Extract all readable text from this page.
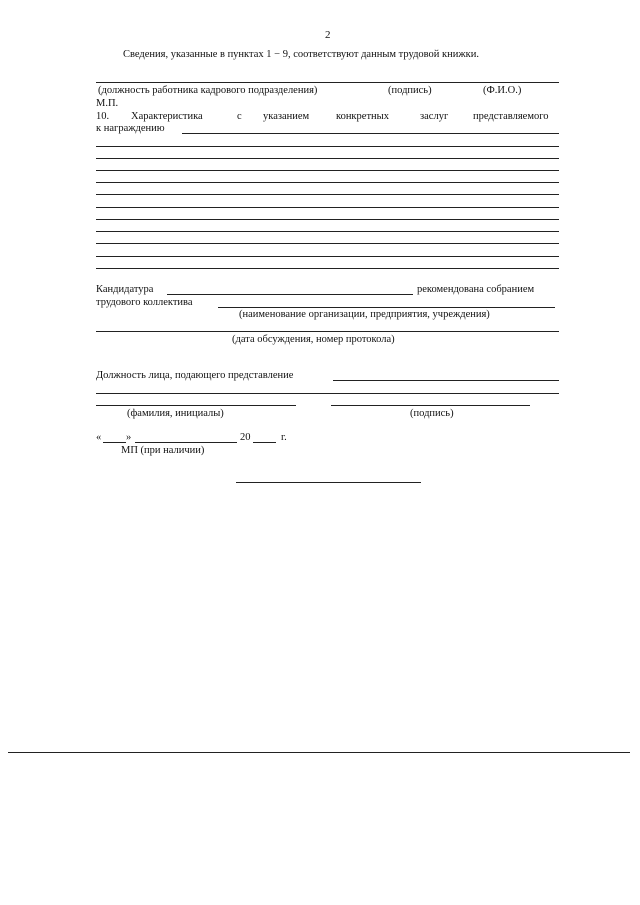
2
Сведения, указанные в пунктах 1 − 9, соответствуют данным трудовой книжки.
(должность работника кадрового подразделения)	(подпись)	(Ф.И.О.)
М.П.
10. Характеристика	с указанием	конкретных	заслуг представляемого
к награждению
Кандидатура	рекомендована собранием
трудового коллектива
(наименование организации, предприятия, учреждения)
(дата обсуждения, номер протокола)
Должность лица, подающего представление
(фамилия, инициалы)	(подпись)
« »	20	г.
МП (при наличии)
